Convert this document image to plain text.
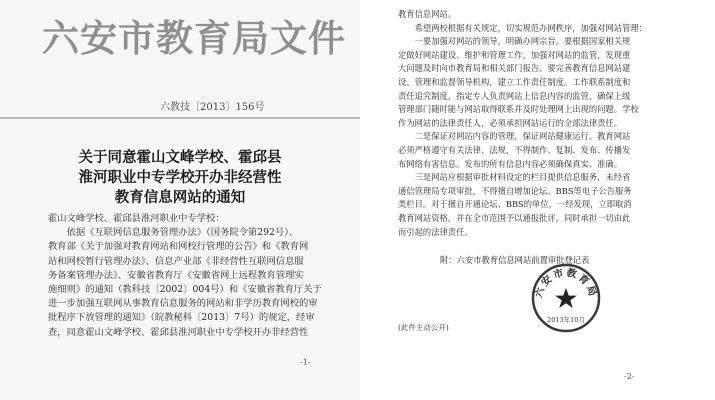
六安市教育局文件
六教技〔2013〕156号
关于同意霍山文峰学校、霍邱县
淮河职业中专学校开办非经营性
教育信息网站的通知
霍山文峰学校、霍邱县淮河职业中专学校：
　　依据《互联网信息服务管理办法》（国务院令第292号）、
教育部《关于加强对教育网站和网校行管理的公告》和《教育网
站和网校暂行管理办法》、信息产业部《非经营性互联网信息服
务备案管理办法》、安徽省教育厅《安徽省网上远程教育管理实
施细则》的通知（教科技〔2002〕004号）和《安徽省教育厅关于
进一步加强互联网从事教育信息服务的网站和非学历教育网校的审
批程序下放管理的通知》（皖教秘科〔2013〕7号）的规定，经审
查，同意霍山文峰学校、霍邱县淮河职业中专学校开办非经营性
-1-
教育信息网站。
　　希望两校根据有关规定，切实规范办网秩序，加强对网站管理：
　　一要加强对网站的领导，明确办网宗旨。要根据国家相关规
定做好网站建设、维护和管理工作，加强对网站的监管，发现重
大问题及时向市教育局和相关部门报告。要完善教育信息网站建
设、管理和监督领导机构，建立工作责任制度。工作联系制度和
责任追究制度，指定专人负责网站上信息内容的监管，确保上级
管理部门随时能与网站取得联系并及时处理网上出现的问题。学校
作为网站的法律责任人，必须承担网站运行的全部法律责任。
　　二是保证对网站内容的管理，保证网站健康运行。教育网站
必须严格遵守有关法律、法规，不得制作、复制、发布、传播发
布网络有害信息。发布的所有信息内容必须确保真实、准确。
　　三是网站应根据审批材料设定的栏目提供信息服务，未经省
通信管理局专项审批，不得擅自增加论坛、BBS等电子公告服务
类栏目。对于擅自开通论坛、BBS的单位，一经发现，立即取消
教育网站资格，并在全市范围予以通报批评，同时承担一切由此
而引起的法律责任。
附：六安市教育信息网站前置审批登记表
六安市教育局
2013年10月
(此件主动公开)
-2-
